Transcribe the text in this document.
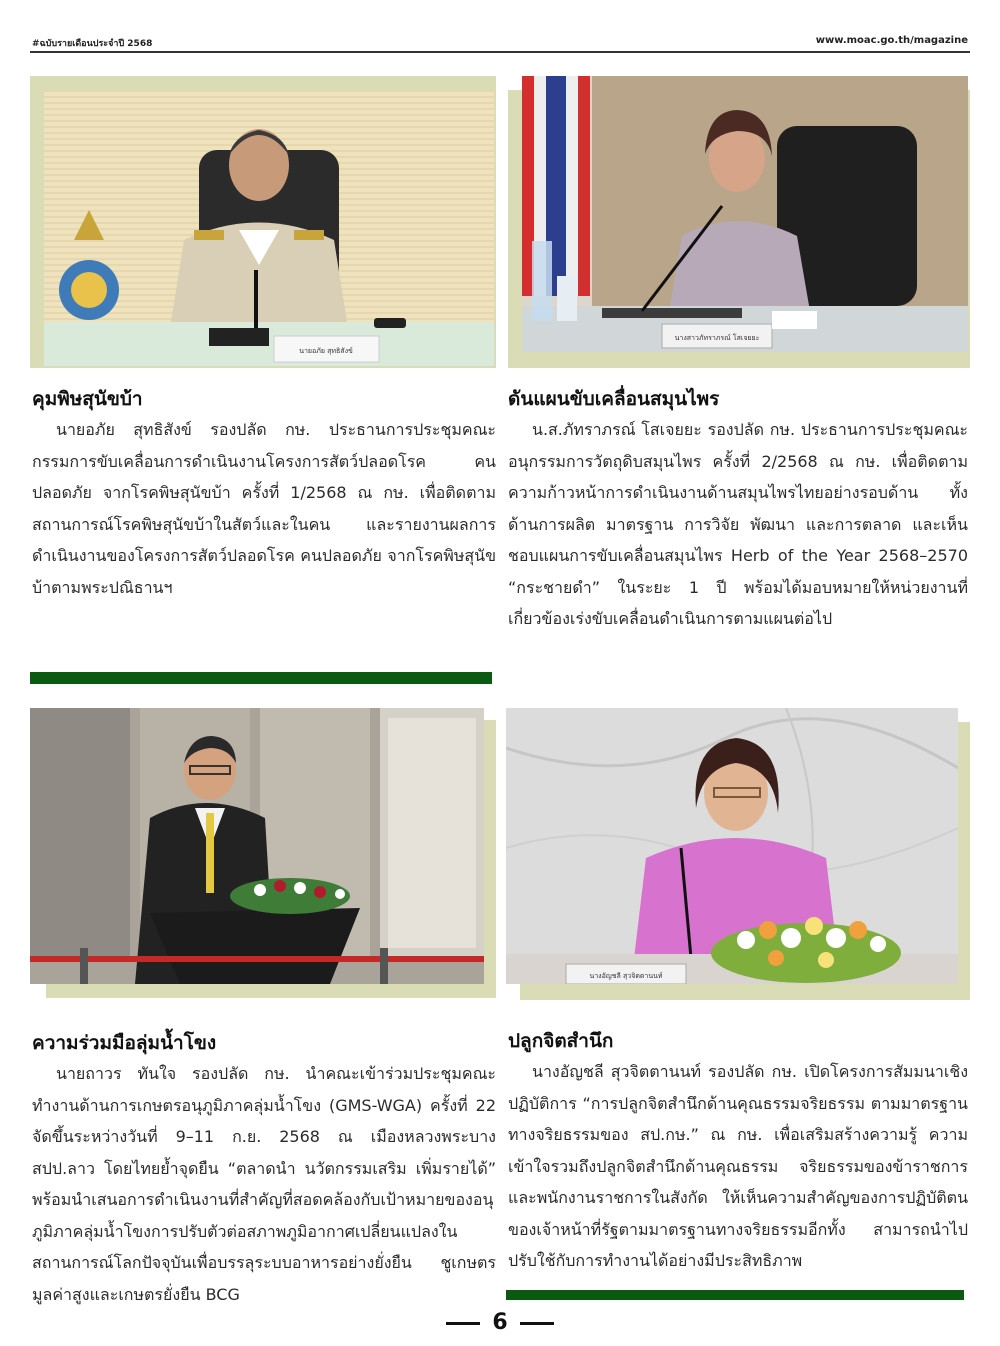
#ฉบับรายเดือนประจำปี 2568	www.moac.go.th/magazine
นายอภัย สุทธิสังข์
นางสาวภัทราภรณ์ โสเจยยะ
คุมพิษสุนัขบ้า
นายอภัย สุทธิสังข์ รองปลัด กษ. ประธานการประชุมคณะกรรมการขับเคลื่อนการดำเนินงานโครงการสัตว์ปลอดโรค คนปลอดภัย จากโรคพิษสุนัขบ้า ครั้งที่ 1/2568 ณ กษ. เพื่อติดตามสถานการณ์โรคพิษสุนัขบ้าในสัตว์และในคน และรายงานผลการดำเนินงานของโครงการสัตว์ปลอดโรค คนปลอดภัย จากโรคพิษสุนัขบ้าตามพระปณิธานฯ
ดันแผนขับเคลื่อนสมุนไพร
น.ส.ภัทราภรณ์ โสเจยยะ รองปลัด กษ. ประธานการประชุมคณะอนุกรรมการวัตถุดิบสมุนไพร ครั้งที่ 2/2568 ณ กษ. เพื่อติดตามความก้าวหน้าการดำเนินงานด้านสมุนไพรไทยอย่างรอบด้าน ทั้งด้านการผลิต มาตรฐาน การวิจัย พัฒนา และการตลาด และเห็นชอบแผนการขับเคลื่อนสมุนไพร Herb of the Year 2568–2570 “กระชายดำ” ในระยะ 1 ปี พร้อมได้มอบหมายให้หน่วยงานที่เกี่ยวข้องเร่งขับเคลื่อนดำเนินการตามแผนต่อไป
นางอัญชลี สุวจิตตานนท์
ความร่วมมือลุ่มน้ำโขง
นายถาวร ทันใจ รองปลัด กษ. นำคณะเข้าร่วมประชุมคณะทำงานด้านการเกษตรอนุภูมิภาคลุ่มน้ำโขง (GMS-WGA) ครั้งที่ 22 จัดขึ้นระหว่างวันที่ 9–11 ก.ย. 2568 ณ เมืองหลวงพระบาง สปป.ลาว โดยไทยย้ำจุดยืน “ตลาดนำ นวัตกรรมเสริม เพิ่มรายได้” พร้อมนำเสนอการดำเนินงานที่สำคัญที่สอดคล้องกับเป้าหมายของอนุภูมิภาคลุ่มน้ำโขงการปรับตัวต่อสภาพภูมิอากาศเปลี่ยนแปลงในสถานการณ์โลกปัจจุบันเพื่อบรรลุระบบอาหารอย่างยั่งยืน ชูเกษตรมูลค่าสูงและเกษตรยั่งยืน BCG
ปลูกจิตสำนึก
นางอัญชลี สุวจิตตานนท์ รองปลัด กษ. เปิดโครงการสัมมนาเชิงปฏิบัติการ “การปลูกจิตสำนึกด้านคุณธรรมจริยธรรม ตามมาตรฐานทางจริยธรรมของ สป.กษ.” ณ กษ. เพื่อเสริมสร้างความรู้ ความเข้าใจรวมถึงปลูกจิตสำนึกด้านคุณธรรม จริยธรรมของข้าราชการและพนักงานราชการในสังกัด ให้เห็นความสำคัญของการปฏิบัติตนของเจ้าหน้าที่รัฐตามมาตรฐานทางจริยธรรมอีกทั้ง สามารถนำไปปรับใช้กับการทำงานได้อย่างมีประสิทธิภาพ
6
